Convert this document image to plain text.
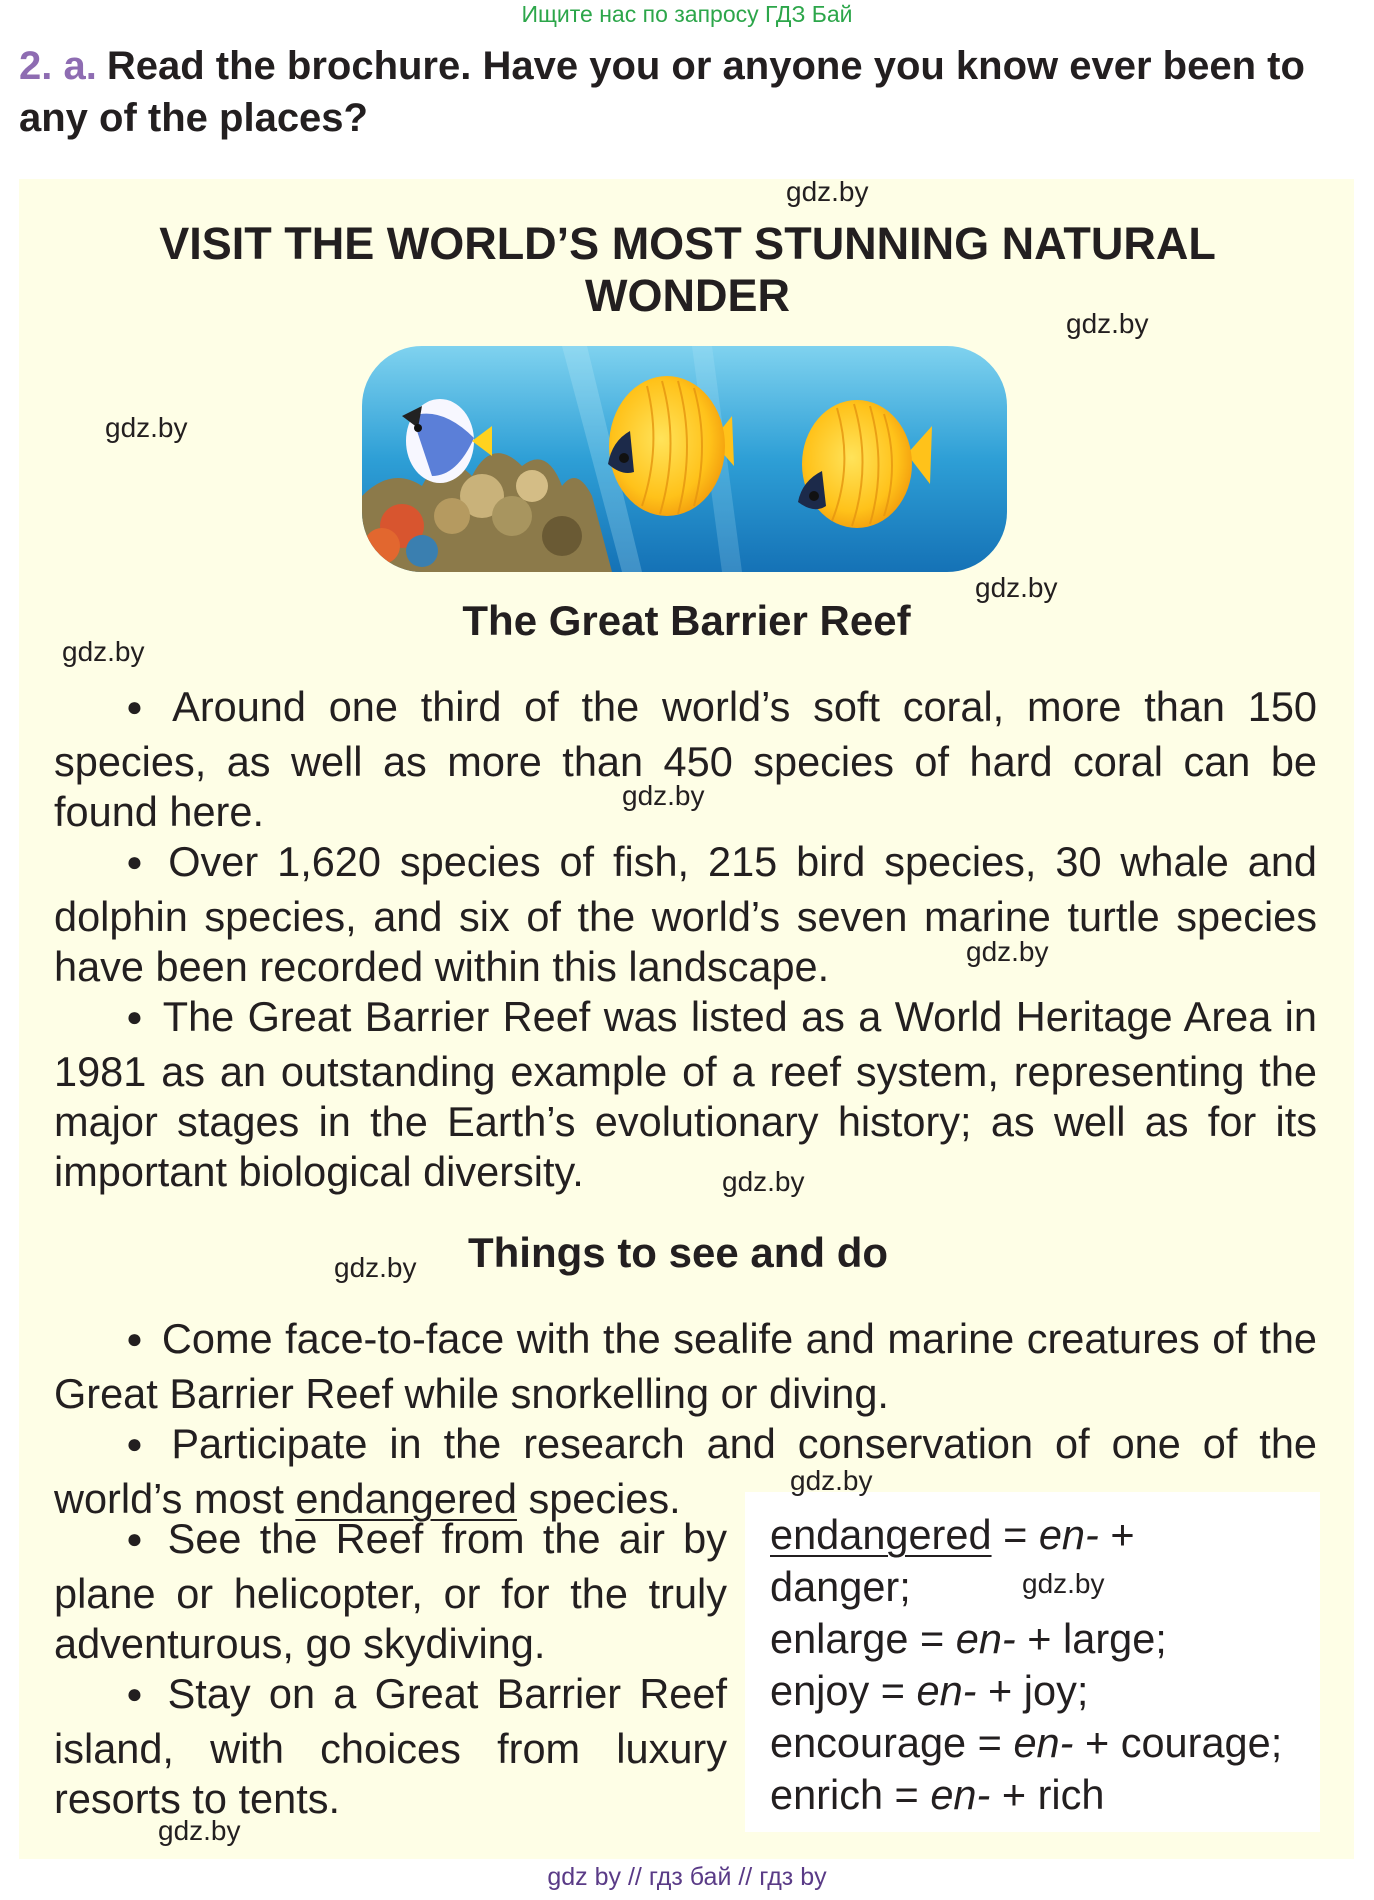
Ищите нас по запросу ГДЗ Бай
2. a. Read the brochure. Have you or anyone you know ever been to any of the places?
VISIT THE WORLD’S MOST STUNNING NATURAL WONDER
The Great Barrier Reef

● Around one third of the world’s soft coral, more than 150 species, as well as more than 450 species of hard coral can be found here.

● Over 1,620 species of fish, 215 bird species, 30 whale and dolphin species, and six of the world’s seven marine turtle species have been recorded within this landscape.

● The Great Barrier Reef was listed as a World Heritage Area in 1981 as an outstanding example of a reef system, representing the major stages in the Earth’s evolutionary history; as well as for its important biological diversity.

Things to see and do

● Come face-to-face with the sealife and marine creatures of the Great Barrier Reef while snorkelling or diving.

● Participate in the research and conservation of one of the world’s most endangered species.

● See the Reef from the air by plane or helicopter, or for the truly adventurous, go skydiving.

● Stay on a Great Barrier Reef island, with choices from luxury resorts to tents.

endangered = en- +
danger;
enlarge = en- + large;
enjoy = en- + joy;
encourage = en- + courage;
enrich = en- + rich
gdz.by
gdz.by
gdz.by
gdz.by
gdz.by
gdz.by
gdz.by
gdz.by
gdz.by
gdz.by
gdz.by
gdz.by
gdz by // гдз бай // гдз by
